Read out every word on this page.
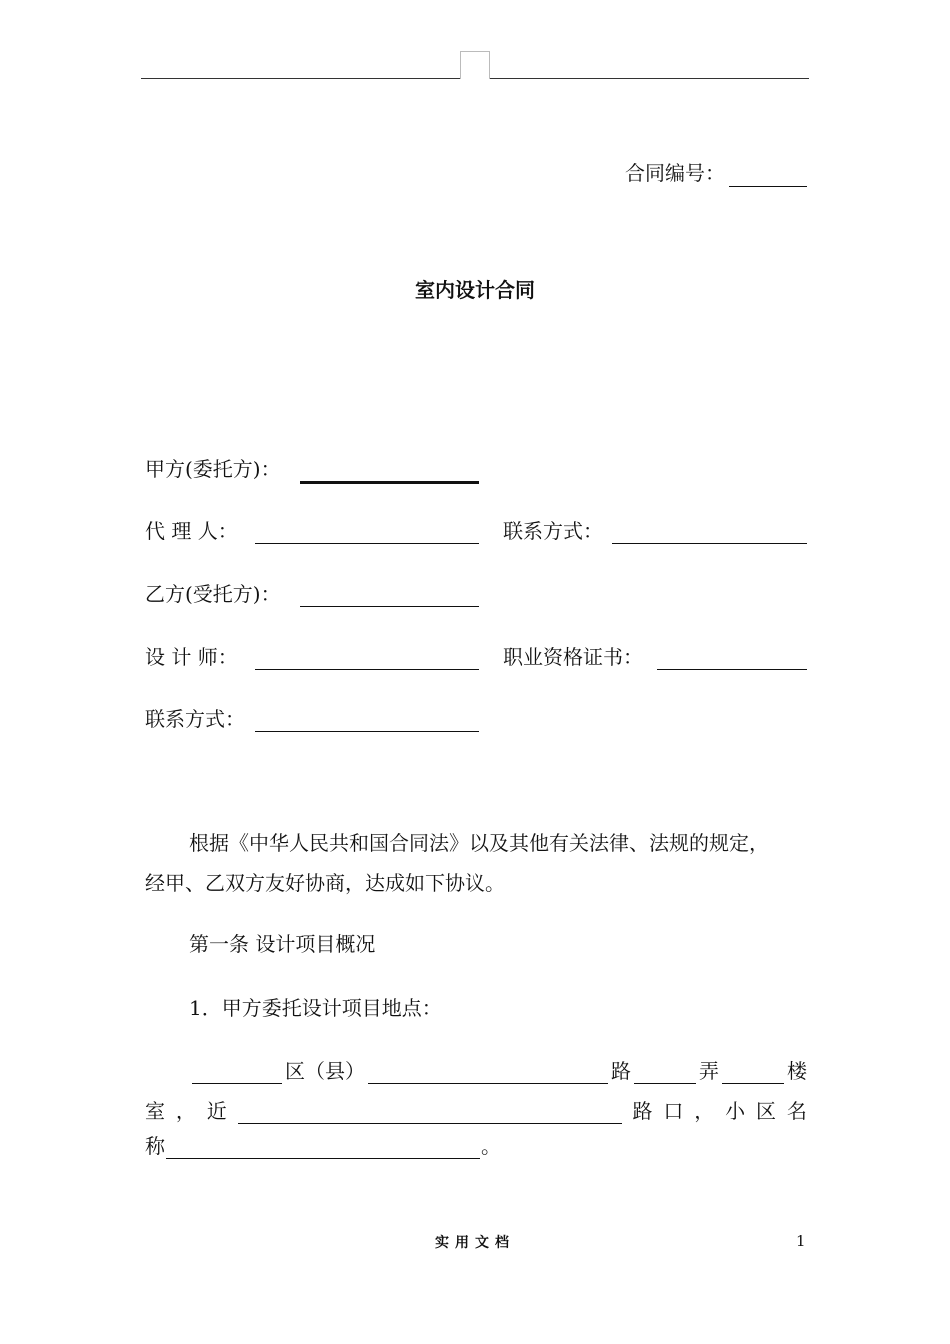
合同编号：
室内设计合同
甲方(委托方)：
代 理 人：	联系方式：
乙方(受托方)：
设 计 师：	职业资格证书：
联系方式：
根据《中华人民共和国合同法》以及其他有关法律、法规的规定，
经甲、乙双方友好协商，达成如下协议。
第一条 设计项目概况
1．甲方委托设计项目地点：
区（县）	路	弄	楼
室 ， 近	路 口 ， 小 区 名
称	。
实用文档	1
